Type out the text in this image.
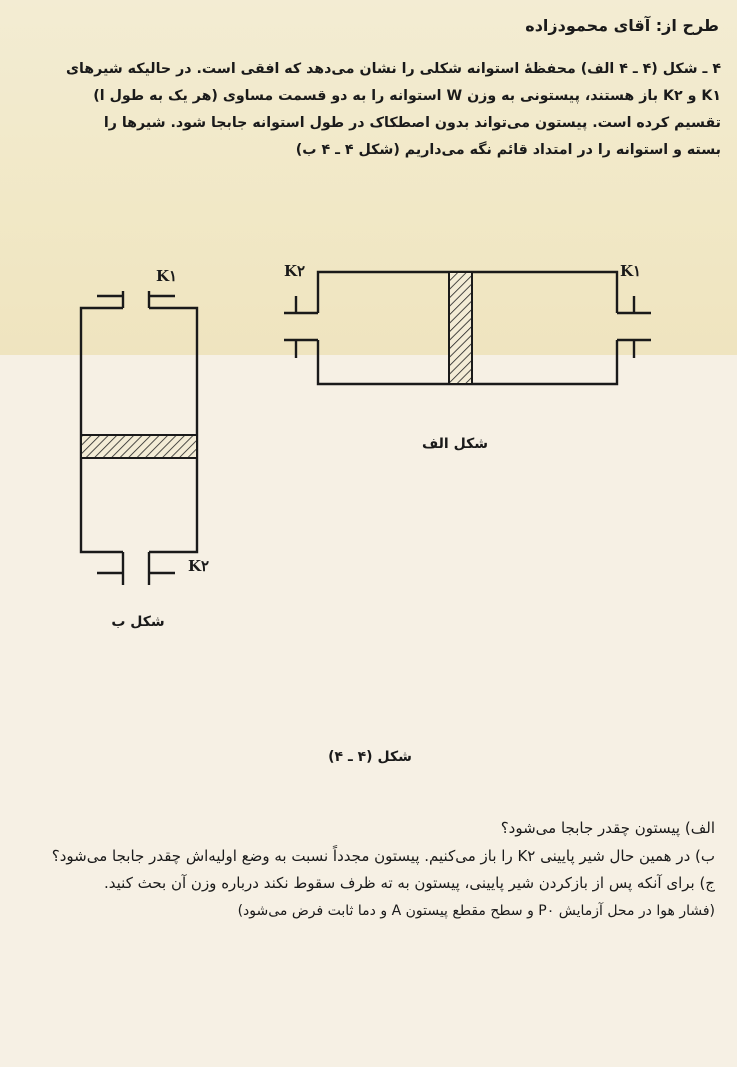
طرح از: آقای محمودزاده
۴ ـ شکل (۴ ـ ۴ الف) محفظهٔ استوانه شکلی را نشان می‌دهد که افقی است. در حالیکه شیرهای
K۱ و K۲ باز هستند، پیستونی به وزن W استوانه را به دو قسمت مساوی (هر یک به طول l)
تقسیم کرده است. پیستون می‌تواند بدون اصطکاک در طول استوانه جابجا شود. شیرها را
بسته و استوانه را در امتداد قائم نگه می‌داریم (شکل ۴ ـ ۴ ب)
K۲	K۱
K۱
K۲
شکل الف
شکل ب
شکل (۴ ـ ۴)
الف) پیستون چقدر جابجا می‌شود؟
ب) در همین حال شیر پایینی K۲ را باز می‌کنیم. پیستون مجدداً نسبت به وضع اولیه‌اش چقدر جابجا می‌شود؟
ج) برای آنکه پس از بازکردن شیر پایینی، پیستون به ته ظرف سقوط نکند درباره وزن آن بحث کنید.
(فشار هوا در محل آزمایش P۰ و سطح مقطع پیستون A و دما ثابت فرض می‌شود)
